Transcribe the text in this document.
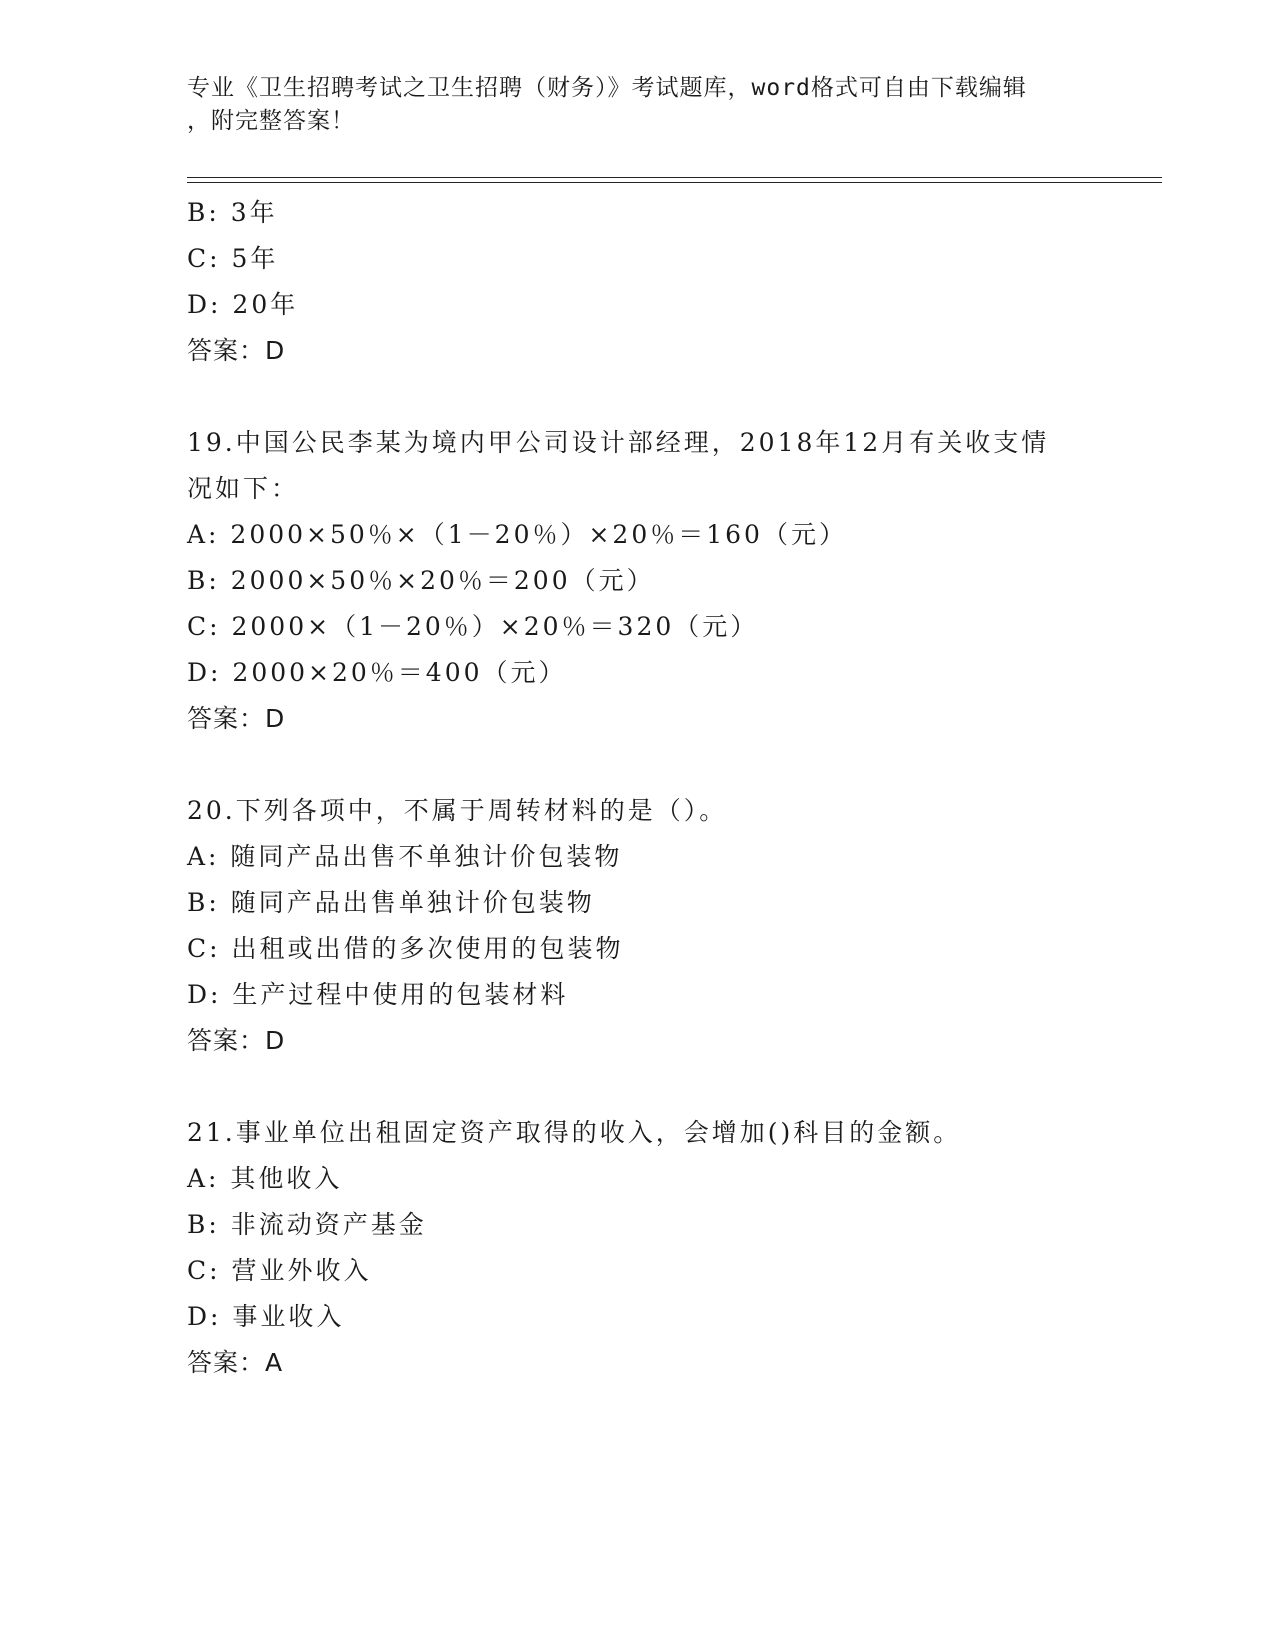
专业《卫生招聘考试之卫生招聘（财务）》考试题库，word格式可自由下载编辑
，附完整答案！
B: 3年
C: 5年
D: 20年
答案：D
19.中国公民李某为境内甲公司设计部经理，2018年12月有关收支情
况如下：
A: 2000×50％×（1－20％）×20％＝160（元）
B: 2000×50％×20％＝200（元）
C: 2000×（1－20％）×20％＝320（元）
D: 2000×20％＝400（元）
答案：D
20.下列各项中，不属于周转材料的是（）。
A: 随同产品出售不单独计价包装物
B: 随同产品出售单独计价包装物
C: 出租或出借的多次使用的包装物
D: 生产过程中使用的包装材料
答案：D
21.事业单位出租固定资产取得的收入，会增加()科目的金额。
A: 其他收入
B: 非流动资产基金
C: 营业外收入
D: 事业收入
答案：A
